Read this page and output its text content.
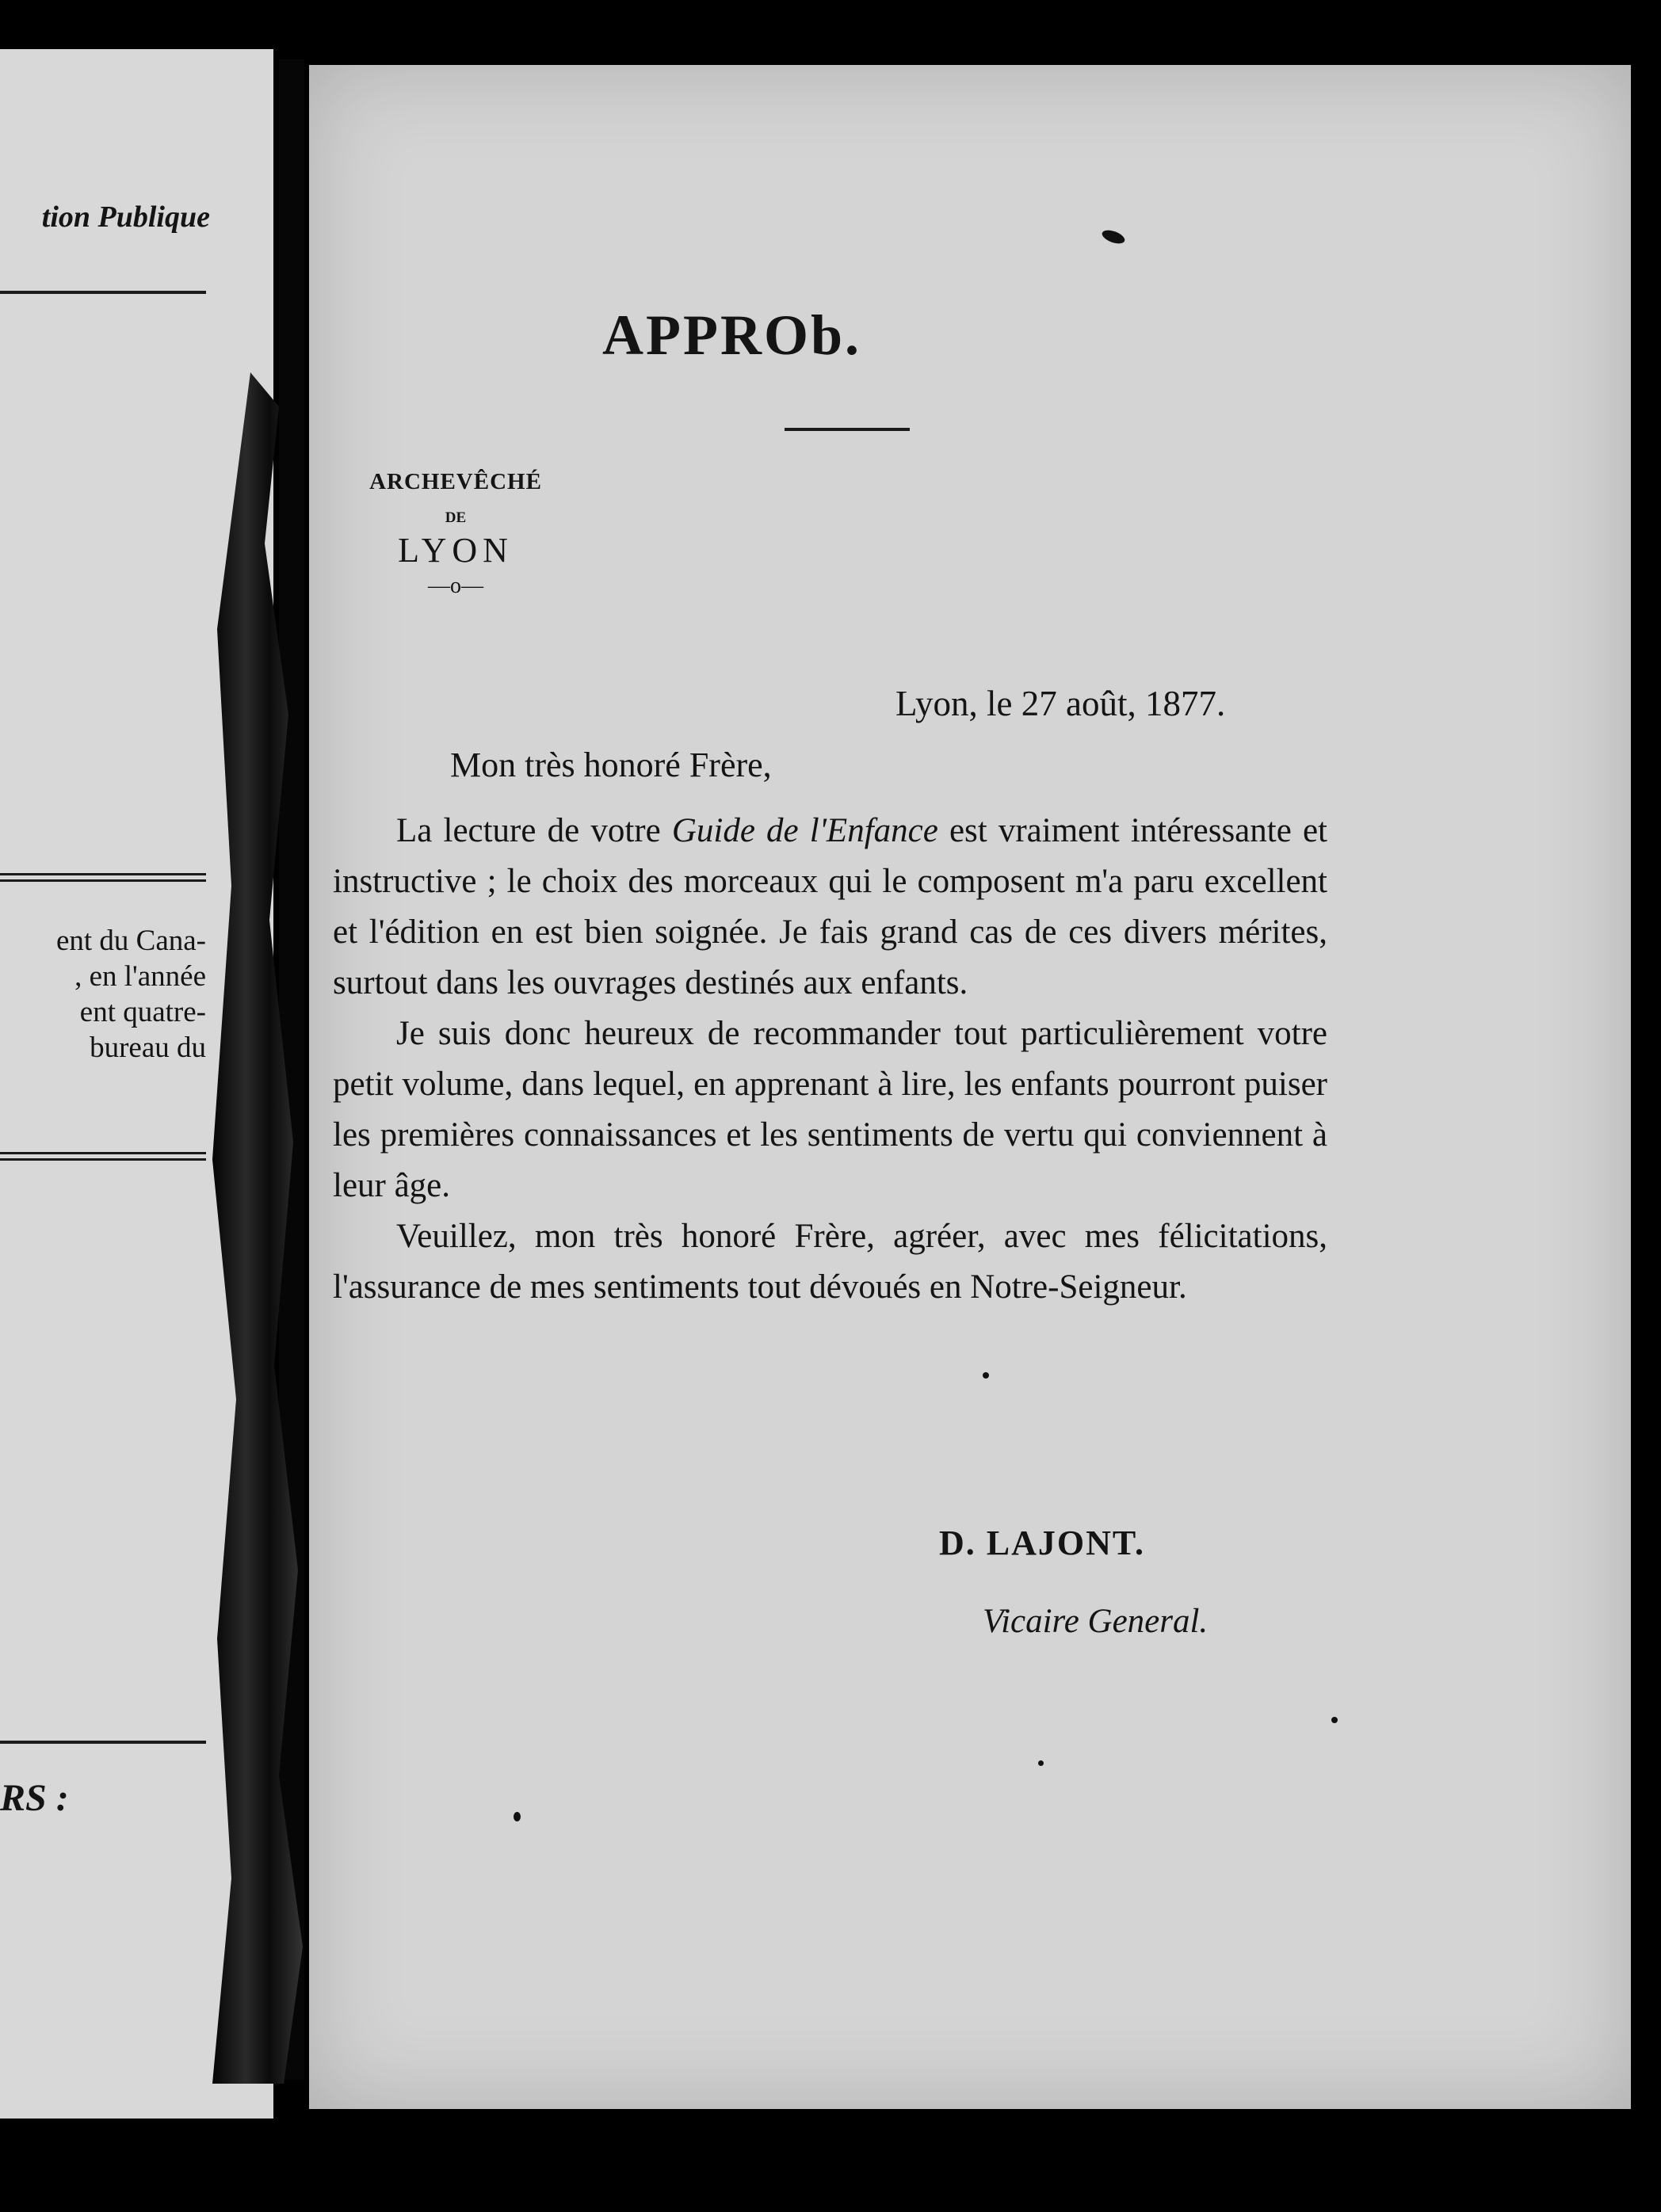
tion Publique
ent du Cana-
, en l'année
ent quatre-
bureau du
RS :
APPROb.
ARCHEVÊCHÉ
DE
LYON
—o—
Lyon, le 27 août, 1877.
Mon très honoré Frère,

La lecture de votre Guide de l'Enfance est vraiment intéressante et instructive ; le choix des morceaux qui le composent m'a paru excellent et l'édition en est bien soignée. Je fais grand cas de ces divers mérites, surtout dans les ouvrages destinés aux enfants.

Je suis donc heureux de recommander tout particulièrement votre petit volume, dans lequel, en apprenant à lire, les enfants pourront puiser les premières connaissances et les sentiments de vertu qui conviennent à leur âge.

Veuillez, mon très honoré Frère, agréer, avec mes félicitations, l'assurance de mes sentiments tout dévoués en Notre-Seigneur.

D. LAJONT.
Vicaire General.
